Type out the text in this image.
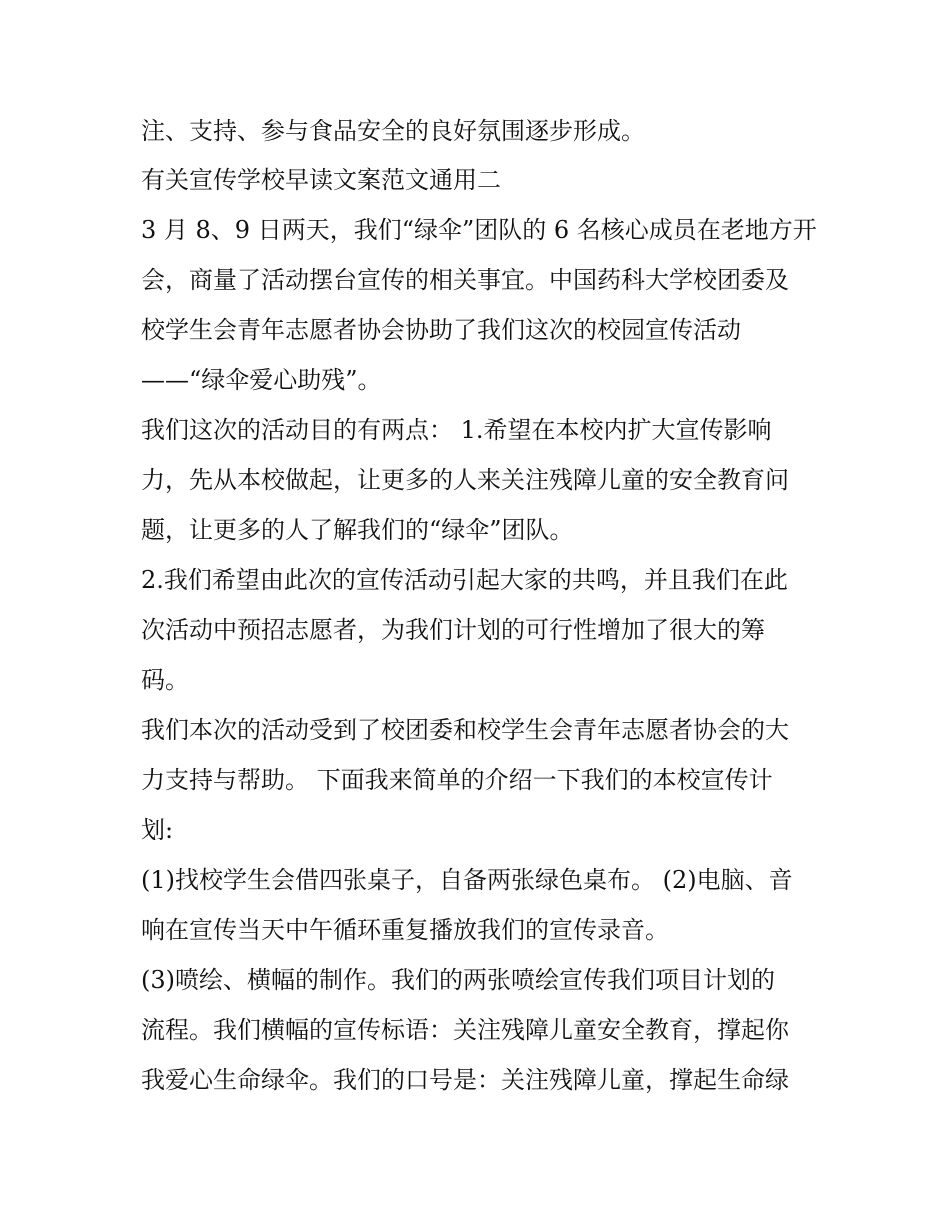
注、支持、参与食品安全的良好氛围逐步形成。
有关宣传学校早读文案范文通用二
3 月 8、9 日两天，我们“绿伞”团队的 6 名核心成员在老地方开
会，商量了活动摆台宣传的相关事宜。中国药科大学校团委及
校学生会青年志愿者协会协助了我们这次的校园宣传活动
——“绿伞爱心助残”。
我们这次的活动目的有两点： 1.希望在本校内扩大宣传影响
力，先从本校做起，让更多的人来关注残障儿童的安全教育问
题，让更多的人了解我们的“绿伞”团队。
2.我们希望由此次的宣传活动引起大家的共鸣，并且我们在此
次活动中预招志愿者，为我们计划的可行性增加了很大的筹
码。
我们本次的活动受到了校团委和校学生会青年志愿者协会的大
力支持与帮助。 下面我来简单的介绍一下我们的本校宣传计
划:
(1)找校学生会借四张桌子，自备两张绿色桌布。 (2)电脑、音
响在宣传当天中午循环重复播放我们的宣传录音。
(3)喷绘、横幅的制作。我们的两张喷绘宣传我们项目计划的
流程。我们横幅的宣传标语：关注残障儿童安全教育，撑起你
我爱心生命绿伞。我们的口号是：关注残障儿童，撑起生命绿
